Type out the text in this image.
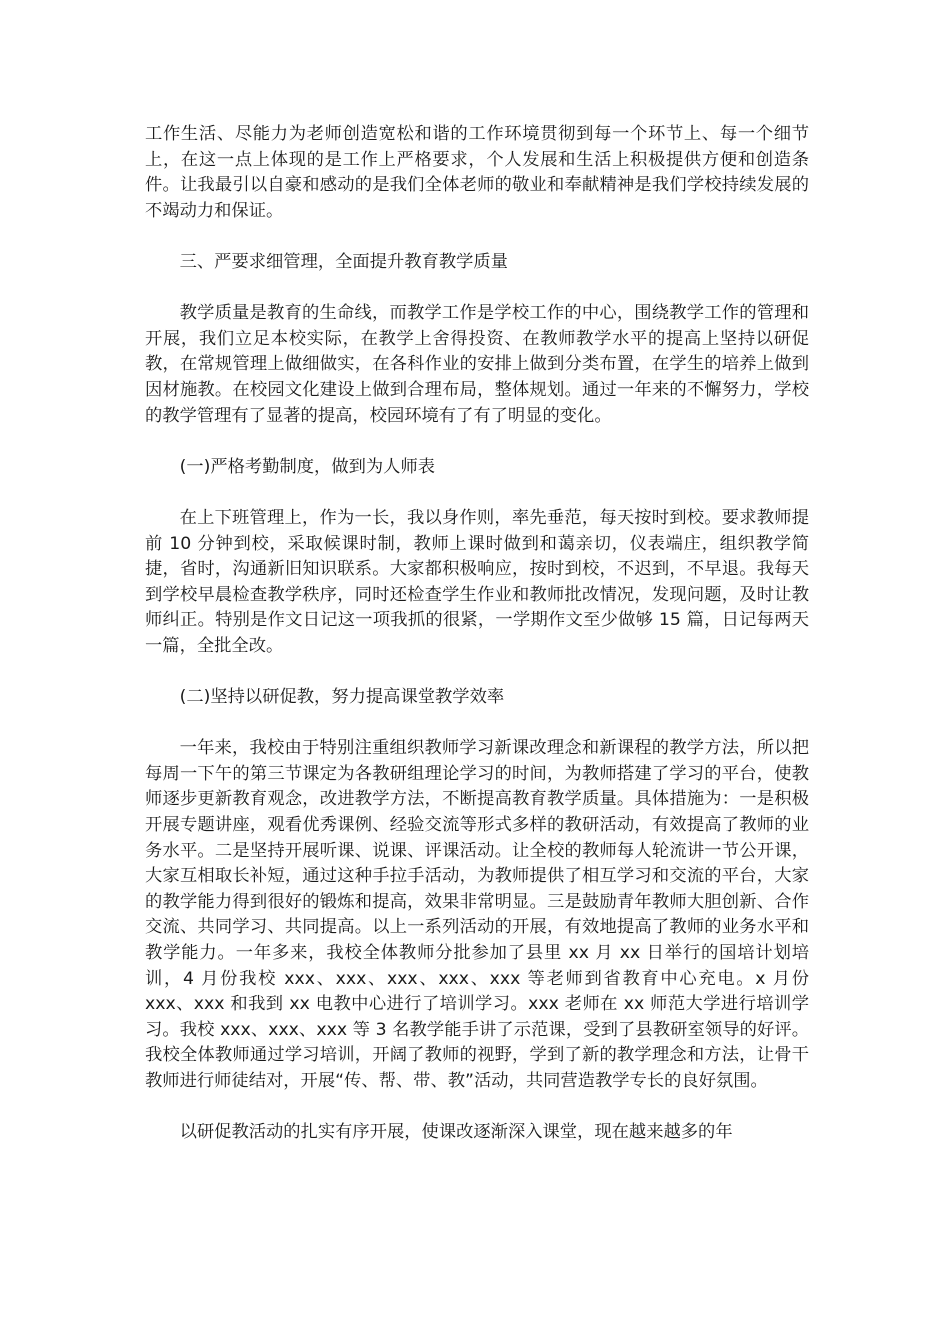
工作生活、尽能力为老师创造宽松和谐的工作环境贯彻到每一个环节上、每一个细节上，在这一点上体现的是工作上严格要求，个人发展和生活上积极提供方便和创造条件。让我最引以自豪和感动的是我们全体老师的敬业和奉献精神是我们学校持续发展的不竭动力和保证。

三、严要求细管理，全面提升教育教学质量

教学质量是教育的生命线，而教学工作是学校工作的中心，围绕教学工作的管理和开展，我们立足本校实际，在教学上舍得投资、在教师教学水平的提高上坚持以研促教，在常规管理上做细做实，在各科作业的安排上做到分类布置，在学生的培养上做到因材施教。在校园文化建设上做到合理布局，整体规划。通过一年来的不懈努力，学校的教学管理有了显著的提高，校园环境有了有了明显的变化。

(一)严格考勤制度，做到为人师表

在上下班管理上，作为一长，我以身作则，率先垂范，每天按时到校。要求教师提前 10 分钟到校，采取候课时制，教师上课时做到和蔼亲切，仪表端庄，组织教学简捷，省时，沟通新旧知识联系。大家都积极响应，按时到校，不迟到，不早退。我每天到学校早晨检查教学秩序，同时还检查学生作业和教师批改情况，发现问题，及时让教师纠正。特别是作文日记这一项我抓的很紧，一学期作文至少做够 15 篇，日记每两天一篇，全批全改。

(二)坚持以研促教，努力提高课堂教学效率

一年来，我校由于特别注重组织教师学习新课改理念和新课程的教学方法，所以把每周一下午的第三节课定为各教研组理论学习的时间，为教师搭建了学习的平台，使教师逐步更新教育观念，改进教学方法，不断提高教育教学质量。具体措施为：一是积极开展专题讲座，观看优秀课例、经验交流等形式多样的教研活动，有效提高了教师的业务水平。二是坚持开展听课、说课、评课活动。让全校的教师每人轮流讲一节公开课，大家互相取长补短，通过这种手拉手活动，为教师提供了相互学习和交流的平台，大家的教学能力得到很好的锻炼和提高，效果非常明显。三是鼓励青年教师大胆创新、合作交流、共同学习、共同提高。以上一系列活动的开展，有效地提高了教师的业务水平和教学能力。一年多来，我校全体教师分批参加了县里 xx 月 xx 日举行的国培计划培训，4 月份我校 xxx、xxx、xxx、xxx、xxx 等老师到省教育中心充电。x 月份 xxx、xxx 和我到 xx 电教中心进行了培训学习。xxx 老师在 xx 师范大学进行培训学习。我校 xxx、xxx、xxx 等 3 名教学能手讲了示范课，受到了县教研室领导的好评。我校全体教师通过学习培训，开阔了教师的视野，学到了新的教学理念和方法，让骨干教师进行师徒结对，开展“传、帮、带、教”活动，共同营造教学专长的良好氛围。

以研促教活动的扎实有序开展，使课改逐渐深入课堂，现在越来越多的年
